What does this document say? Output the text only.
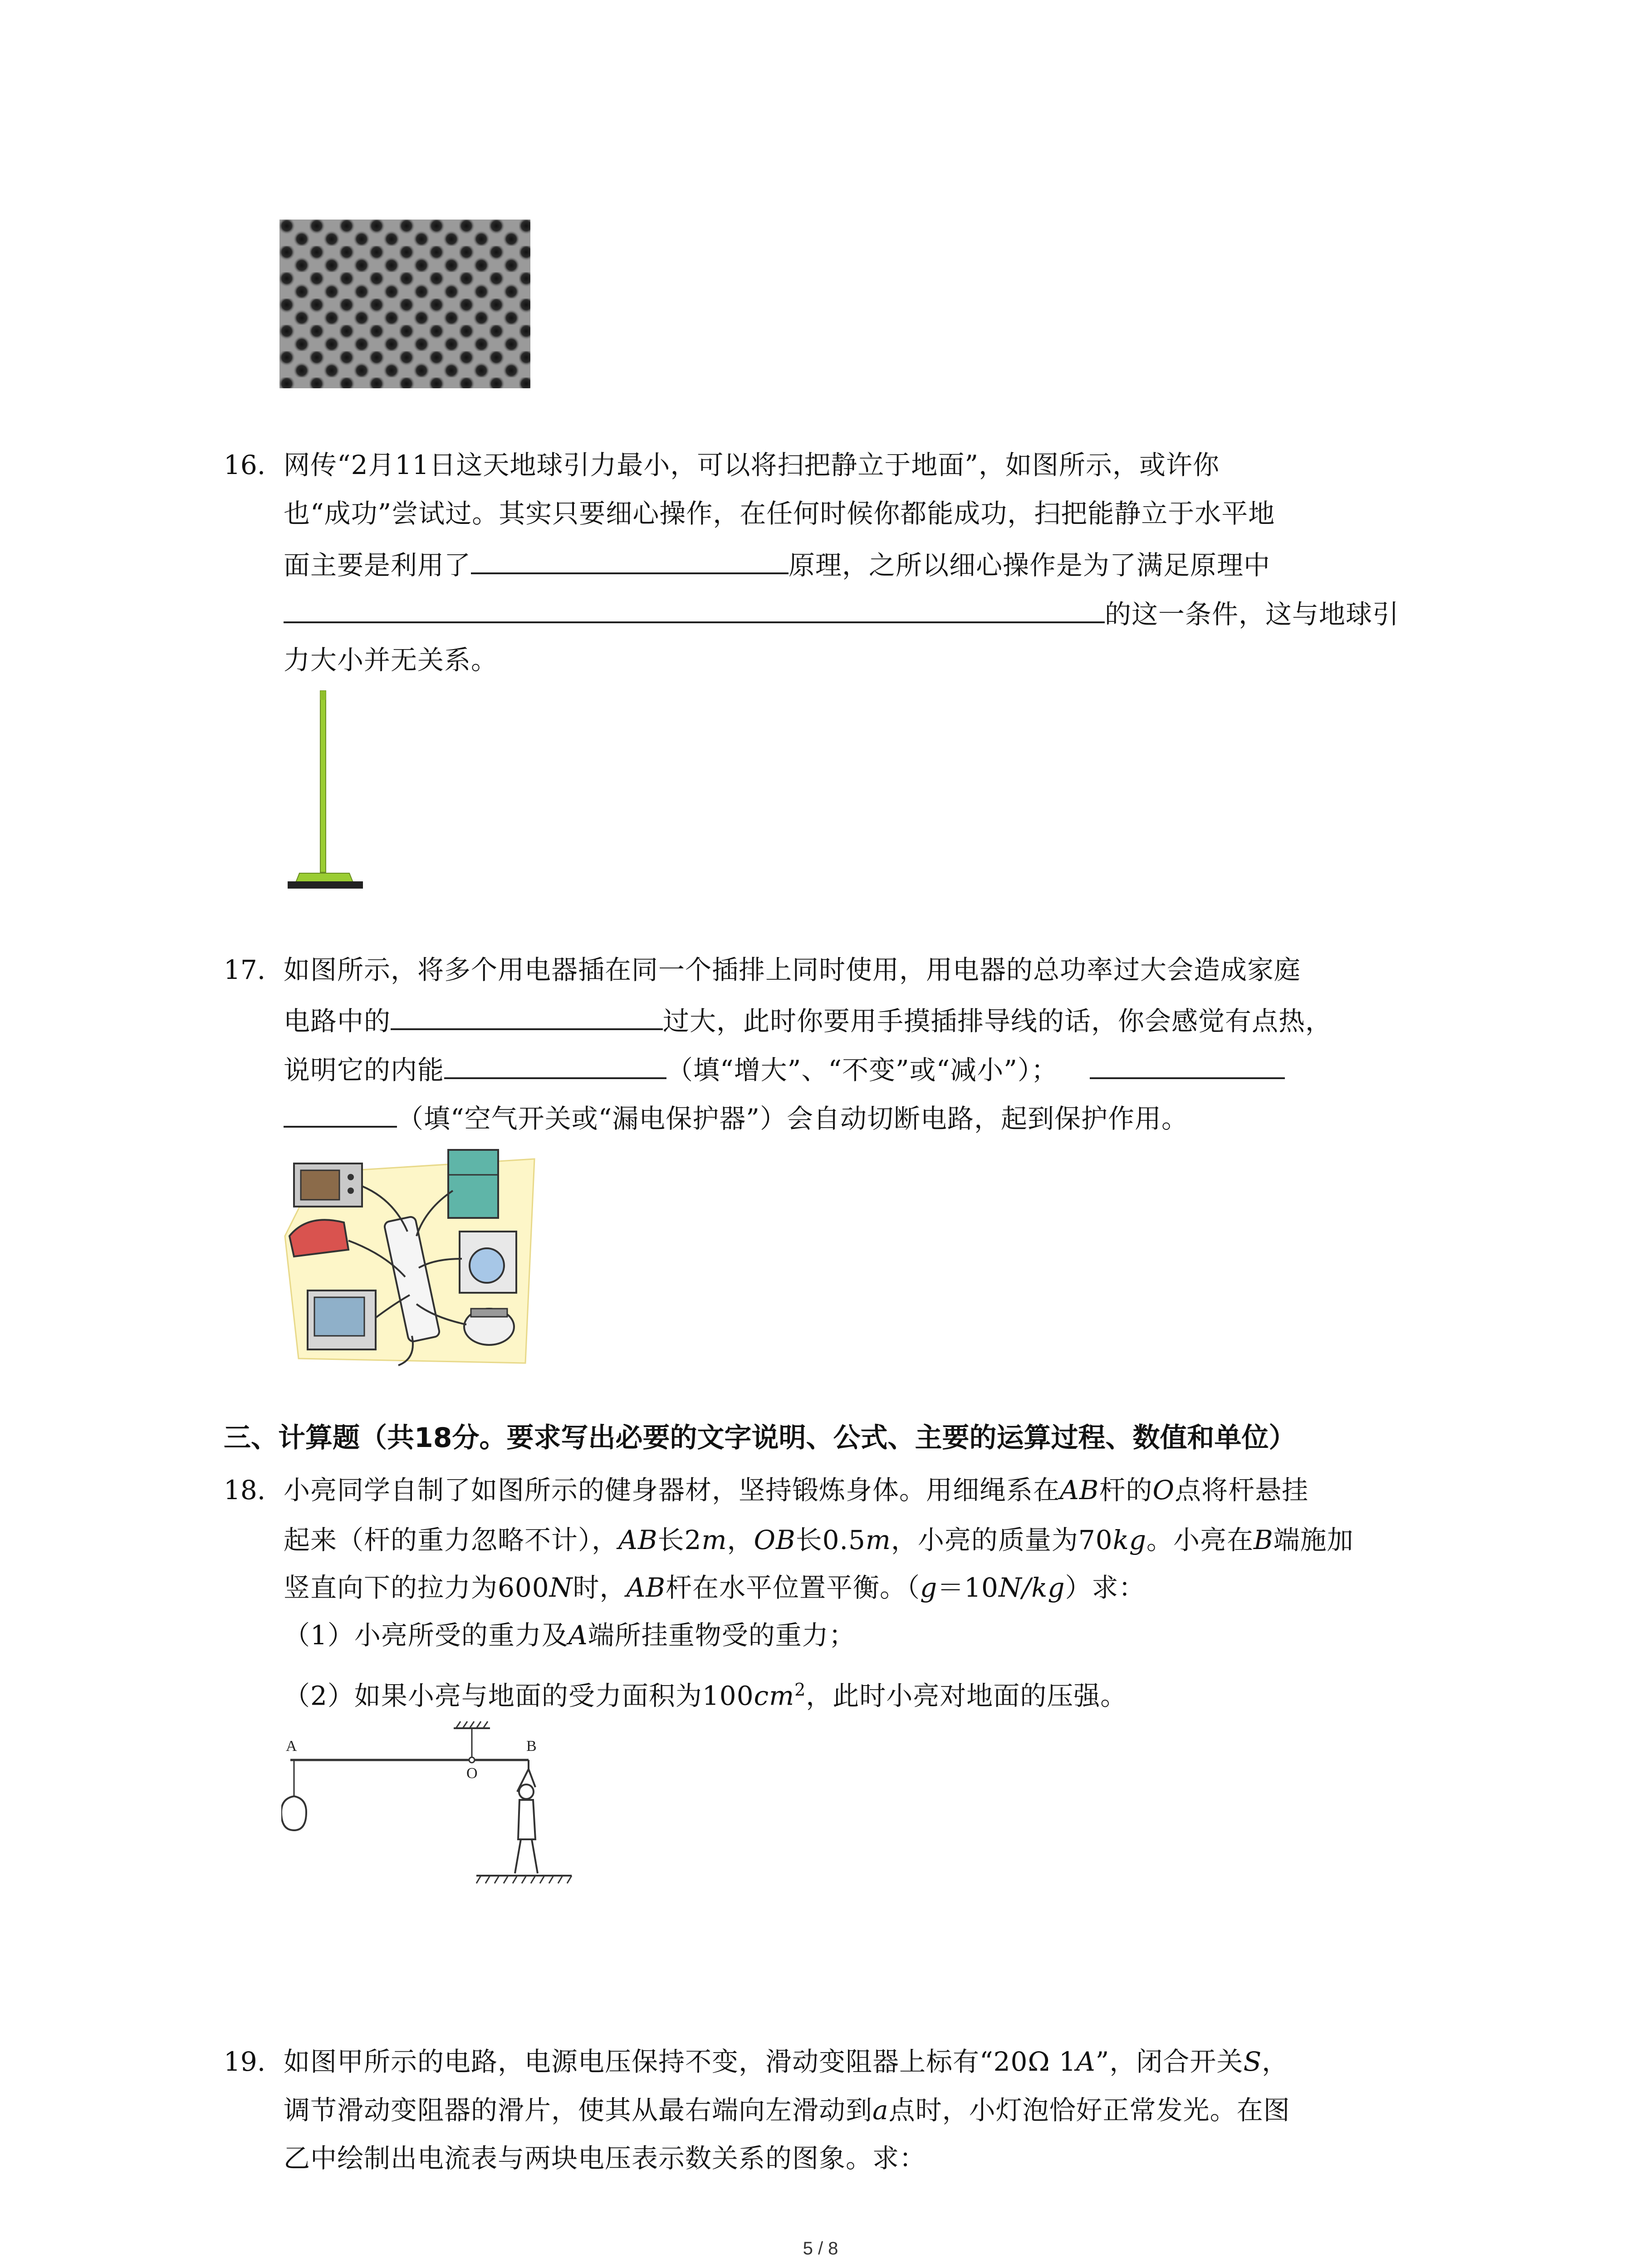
16. 网传“2月11日这天地球引力最小，可以将扫把静立于地面”，如图所示，或许你
也“成功”尝试过。其实只要细心操作，在任何时候你都能成功，扫把能静立于水平地
面主要是利用了	原理，之所以细心操作是为了满足原理中
的这一条件，这与地球引
力大小并无关系。
17. 如图所示，将多个用电器插在同一个插排上同时使用，用电器的总功率过大会造成家庭
电路中的	过大，此时你要用手摸插排导线的话，你会感觉有点热，
说明它的内能	（填“增大”、“不变”或“减小”）；
（填“空气开关或“漏电保护器”）会自动切断电路，起到保护作用。
三、计算题（共18分。要求写出必要的文字说明、公式、主要的运算过程、数值和单位）
18. 小亮同学自制了如图所示的健身器材，坚持锻炼身体。用细绳系在AB杆的O点将杆悬挂
起来（杆的重力忽略不计），AB长2m，OB长0.5m，小亮的质量为70kg。小亮在B端施加
竖直向下的拉力为600N时，AB杆在水平位置平衡。（g＝10N/kg）求：
（1）小亮所受的重力及A端所挂重物受的重力；
（2）如果小亮与地面的受力面积为$100cm^2$，此时小亮对地面的压强。
A	B
O
19. 如图甲所示的电路，电源电压保持不变，滑动变阻器上标有“20Ω 1A”，闭合开关S，
调节滑动变阻器的滑片，使其从最右端向左滑动到a点时，小灯泡恰好正常发光。在图
乙中绘制出电流表与两块电压表示数关系的图象。求：
5 / 8
